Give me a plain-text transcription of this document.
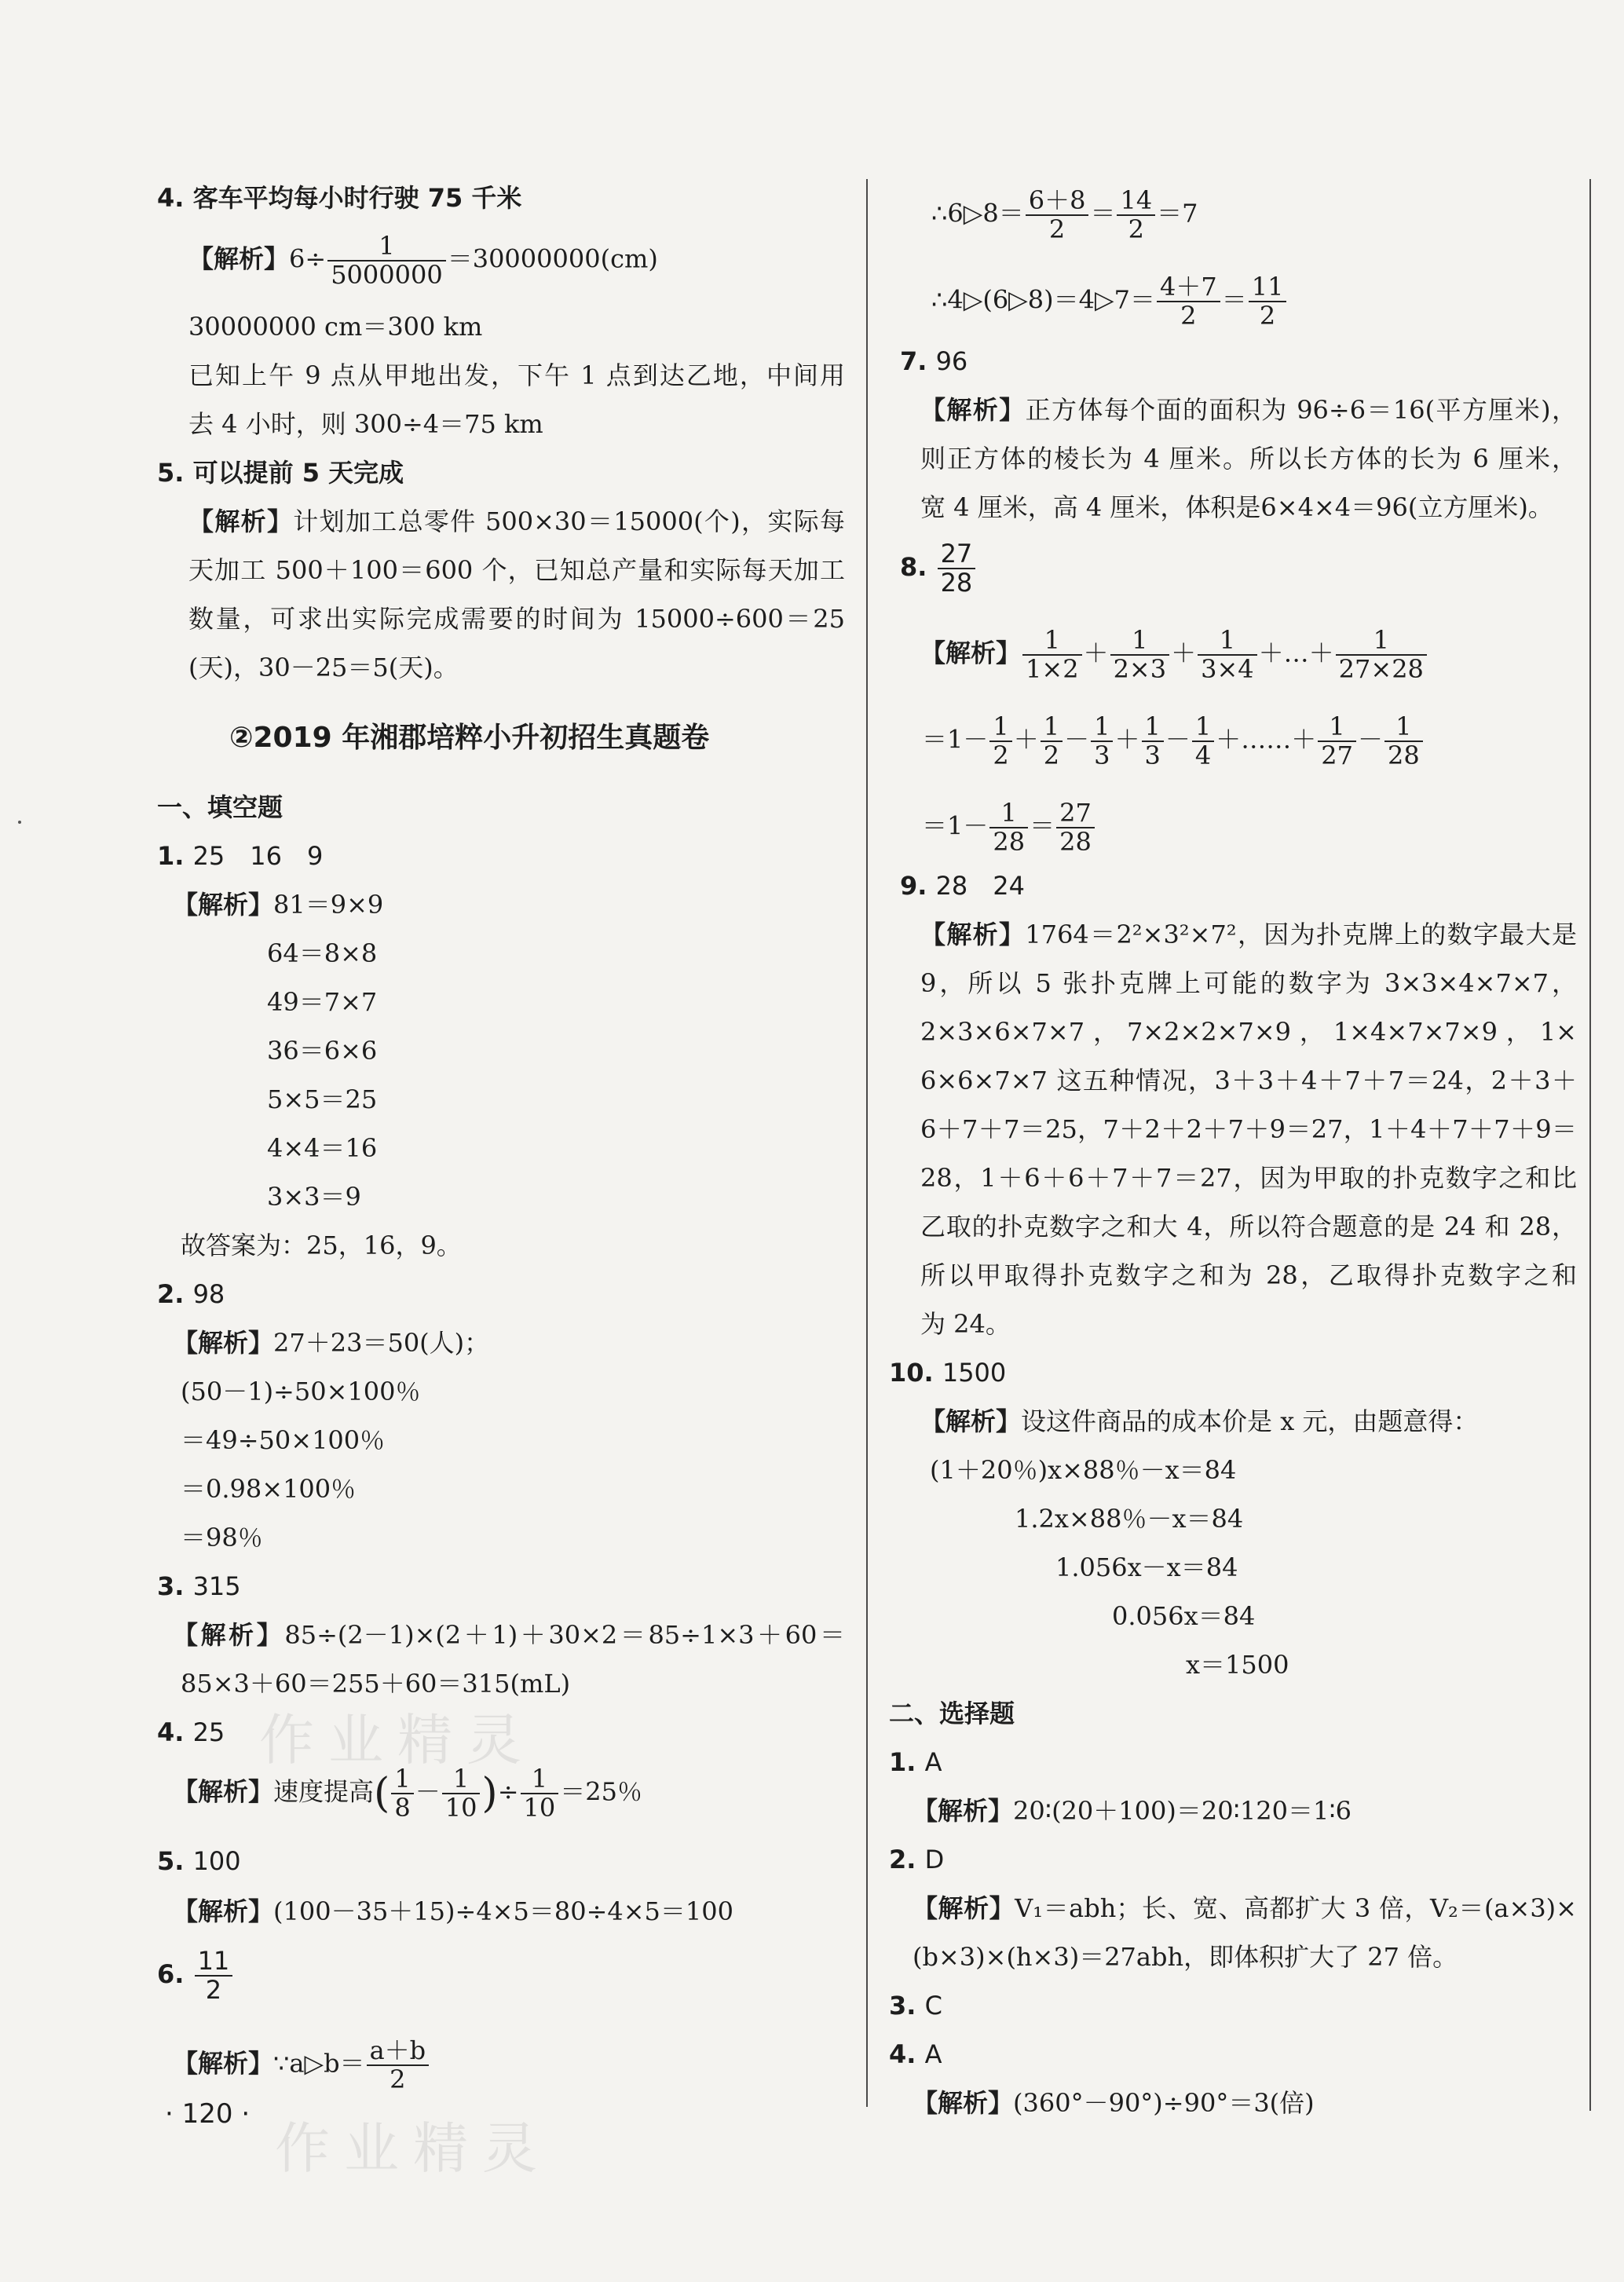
4. 客车平均每小时行驶 75 千米
【解析】$6\div \frac{1}{5000000} =30000000(cm)$
30000000 cm＝300 km
已知上午 9 点从甲地出发，下午 1 点到达乙地，中间用
去 4 小时，则 300÷4＝75 km
5. 可以提前 5 天完成
【解析】计划加工总零件 500×30＝15000(个)，实际每
天加工 500＋100＝600 个，已知总产量和实际每天加工
数量，可求出实际完成需要的时间为 15000÷600＝25
(天)，30－25＝5(天)。
②2019 年湘郡培粹小升初招生真题卷
一、填空题
1. 25　16　9
【解析】81＝9×9
64＝8×8
49＝7×7
36＝6×6
5×5＝25
4×4＝16
3×3＝9
故答案为：25，16，9。
2. 98
【解析】27＋23＝50(人)；
(50－1)÷50×100％
＝49÷50×100％
＝0.98×100％
＝98％
3. 315
【解析】85÷(2－1)×(2＋1)＋30×2＝85÷1×3＋60＝
85×3＋60＝255＋60＝315(mL)
4. 25
【解析】速度提高( $\frac{1}{8} - \frac{1}{10}$ )÷ $\frac{1}{10} =25$％
5. 100
【解析】(100－35＋15)÷4×5＝80÷4×5＝100
6. $\frac{11}{2}$
【解析】∵a▷b＝ $\frac{a+b}{2}$
∴6▷8＝ $\frac{6+8}{2} = \frac{14}{2} =7$
∴4▷(6▷8)＝4▷7＝ $\frac{4+7}{2} = \frac{11}{2}$
7. 96
【解析】正方体每个面的面积为 96÷6＝16(平方厘米)，
则正方体的棱长为 4 厘米。所以长方体的长为 6 厘米，
宽 4 厘米，高 4 厘米，体积是6×4×4＝96(立方厘米)。
8. $\frac{27}{28}$
【解析】 $\frac{1}{1\times 2} + \frac{1}{2\times 3} + \frac{1}{3\times 4}$ ＋…＋ $\frac{1}{27\times 28}$
$=1- \frac{1}{2} + \frac{1}{2} - \frac{1}{3} + \frac{1}{3} - \frac{1}{4}$ ＋……＋ $\frac{1}{27} - \frac{1}{28}$
$=1- \frac{1}{28} = \frac{27}{28}$
9. 28　24
【解析】1764＝2²×3²×7²，因为扑克牌上的数字最大是
9，所以 5 张扑克牌上可能的数字为 3×3×4×7×7，
2×3×6×7×7，7×2×2×7×9，1×4×7×7×9，1×
6×6×7×7 这五种情况，3＋3＋4＋7＋7＝24，2＋3＋
6＋7＋7＝25，7＋2＋2＋7＋9＝27，1＋4＋7＋7＋9＝
28，1＋6＋6＋7＋7＝27，因为甲取的扑克数字之和比
乙取的扑克数字之和大 4，所以符合题意的是 24 和 28，
所以甲取得扑克数字之和为 28，乙取得扑克数字之和
为 24。
10. 1500
【解析】设这件商品的成本价是 x 元，由题意得：
(1＋20％)x×88％－x＝84
1.2x×88％－x＝84
1.056x－x＝84
0.056x＝84
x＝1500
二、选择题
1. A
【解析】20∶(20＋100)＝20∶120＝1∶6
2. D
【解析】V₁＝abh；长、宽、高都扩大 3 倍，V₂＝(a×3)×
(b×3)×(h×3)＝27abh，即体积扩大了 27 倍。
3. C
4. A
【解析】(360°－90°)÷90°＝3(倍)
· 120 ·
作业精灵
作业精灵
